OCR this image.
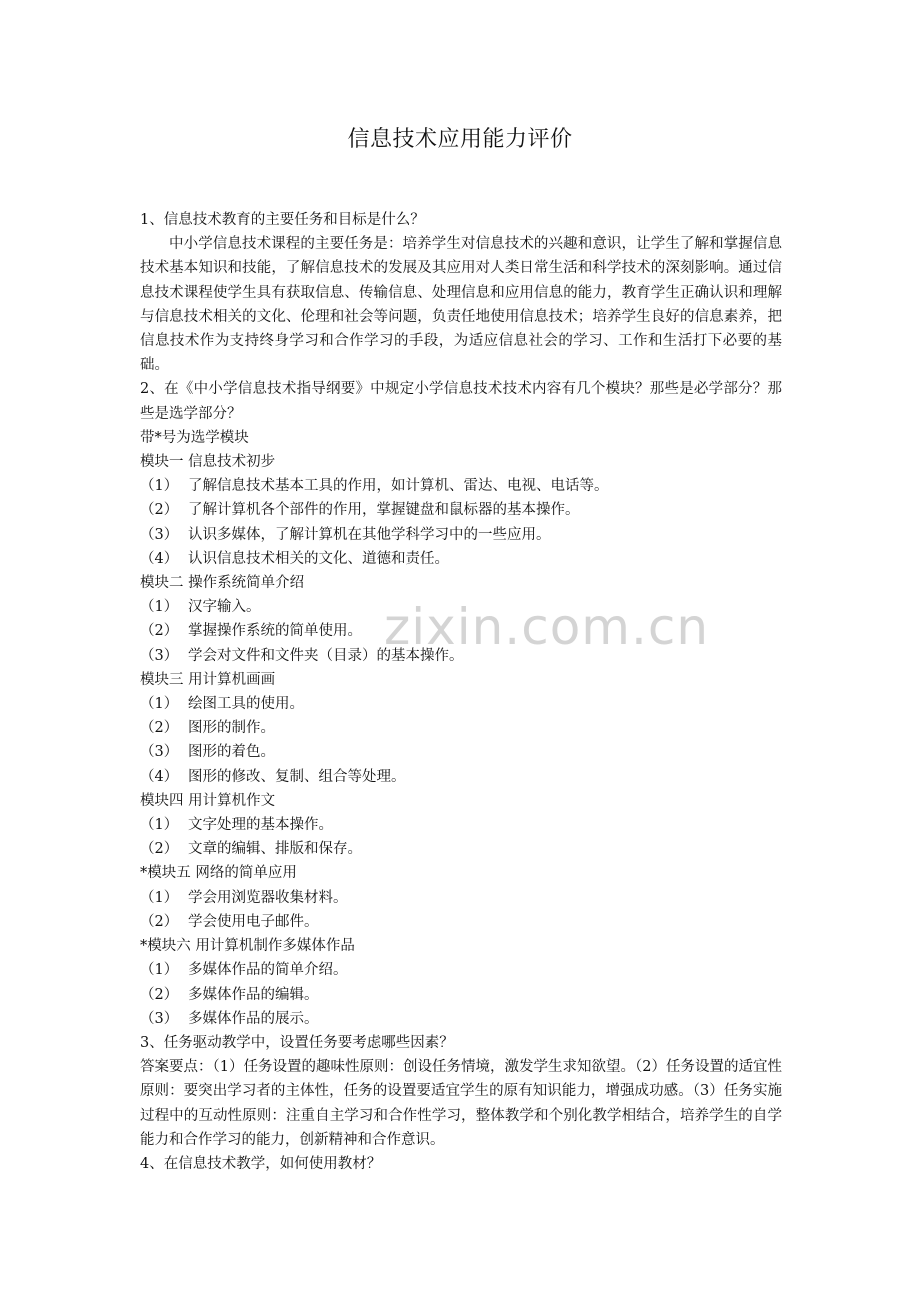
信息技术应用能力评价
zixin.com.cn
1、信息技术教育的主要任务和目标是什么？
中小学信息技术课程的主要任务是：培养学生对信息技术的兴趣和意识，让学生了解和掌握信息技术基本知识和技能，了解信息技术的发展及其应用对人类日常生活和科学技术的深刻影响。通过信息技术课程使学生具有获取信息、传输信息、处理信息和应用信息的能力，教育学生正确认识和理解与信息技术相关的文化、伦理和社会等问题，负责任地使用信息技术；培养学生良好的信息素养，把信息技术作为支持终身学习和合作学习的手段，为适应信息社会的学习、工作和生活打下必要的基础。
2、在《中小学信息技术指导纲要》中规定小学信息技术技术内容有几个模块？那些是必学部分？那些是选学部分？
带*号为选学模块
模块一 信息技术初步
（1） 了解信息技术基本工具的作用，如计算机、雷达、电视、电话等。
（2） 了解计算机各个部件的作用，掌握键盘和鼠标器的基本操作。
（3） 认识多媒体，了解计算机在其他学科学习中的一些应用。
（4） 认识信息技术相关的文化、道德和责任。
模块二 操作系统简单介绍
（1） 汉字输入。
（2） 掌握操作系统的简单使用。
（3） 学会对文件和文件夹（目录）的基本操作。
模块三 用计算机画画
（1） 绘图工具的使用。
（2） 图形的制作。
（3） 图形的着色。
（4） 图形的修改、复制、组合等处理。
模块四 用计算机作文
（1） 文字处理的基本操作。
（2） 文章的编辑、排版和保存。
*模块五 网络的简单应用
（1） 学会用浏览器收集材料。
（2） 学会使用电子邮件。
*模块六 用计算机制作多媒体作品
（1） 多媒体作品的简单介绍。
（2） 多媒体作品的编辑。
（3） 多媒体作品的展示。
3、任务驱动教学中，设置任务要考虑哪些因素？
答案要点：（1）任务设置的趣味性原则：创设任务情境，激发学生求知欲望。（2）任务设置的适宜性原则：要突出学习者的主体性，任务的设置要适宜学生的原有知识能力，增强成功感。（3）任务实施过程中的互动性原则：注重自主学习和合作性学习，整体教学和个别化教学相结合，培养学生的自学能力和合作学习的能力，创新精神和合作意识。
4、在信息技术教学，如何使用教材？
